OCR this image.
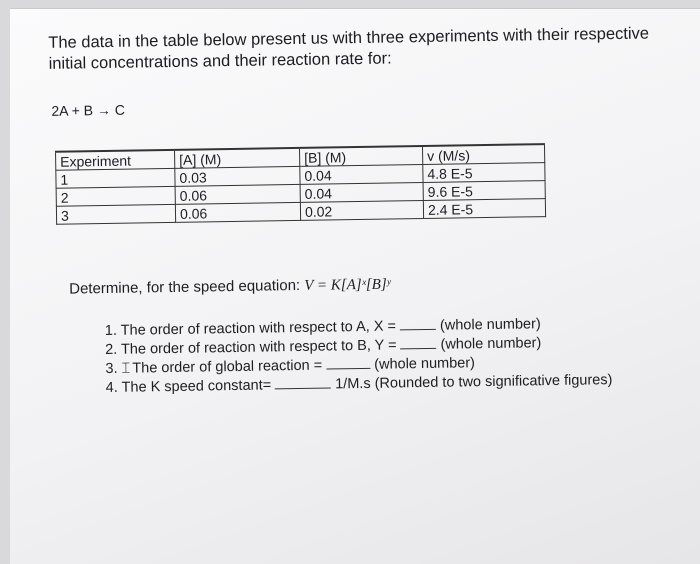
The data in the table below present us with three experiments with their respective initial concentrations and their reaction rate for:
2A + B → C
Experiment	[A] (M)	[B] (M)	v (M/s)
1	0.03	0.04	4.8 E-5
2	0.06	0.04	9.6 E-5
3	0.06	0.02	2.4 E-5
Determine, for the speed equation: V = K[A]ˣ[B]ʸ
1. The order of reaction with respect to A, X =	(whole number)
2. The order of reaction with respect to B, Y =	(whole number)
3. ⌶ The order of global reaction =	(whole number)
4. The K speed constant=	1/M.s (Rounded to two significative figures)
